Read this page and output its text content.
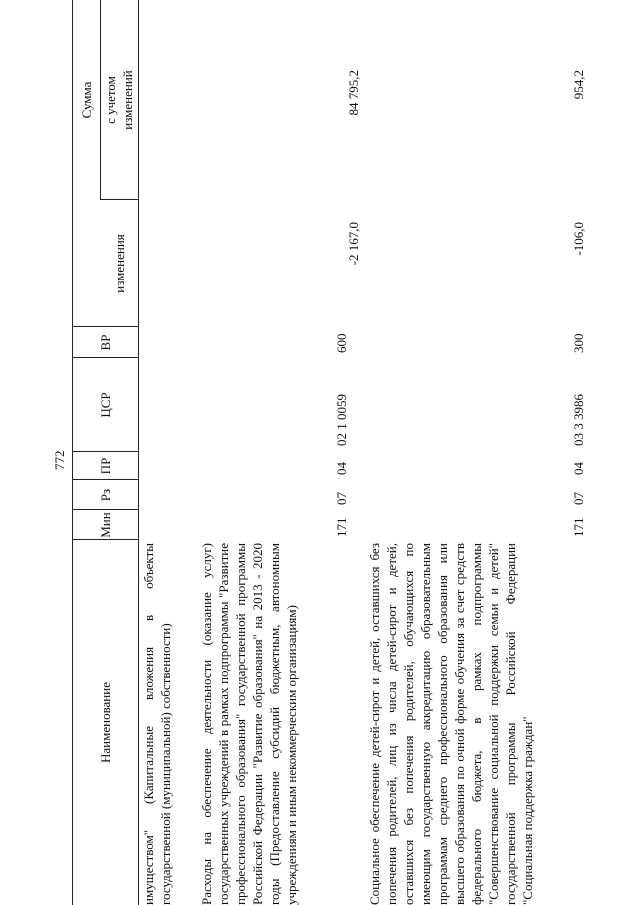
772
Наименование
Мин
Рз
ПР
ЦСР
ВР
Сумма
изменения
с учетом изменений
имуществом" (Капитальные вложения в объекты государственной (муниципальной) собственности) Расходы на обеспечение деятельности (оказание услуг) государственных учреждений в рамках подпрограммы "Развитие профессионального образования" государственной программы Российской Федерации "Развитие образования" на 2013 - 2020 годы (Предоставление субсидий бюджетным, автономным учреждениям и иным некоммерческим организациям)
171
07
04
02 1 0059
600
-2 167,0
84 795,2
Социальное обеспечение детей-сирот и детей, оставшихся без попечения родителей, лиц из числа детей-сирот и детей, оставшихся без попечения родителей, обучающихся по имеющим государственную аккредитацию образовательным программам среднего профессионального образования или высшего образования по очной форме обучения за счет средств федерального бюджета, в рамках подпрограммы "Совершенствование социальной поддержки семьи и детей" государственной программы Российской Федерации "Социальная поддержка граждан"
171
07
04
03 3 3986
300
-106,0
954,2
